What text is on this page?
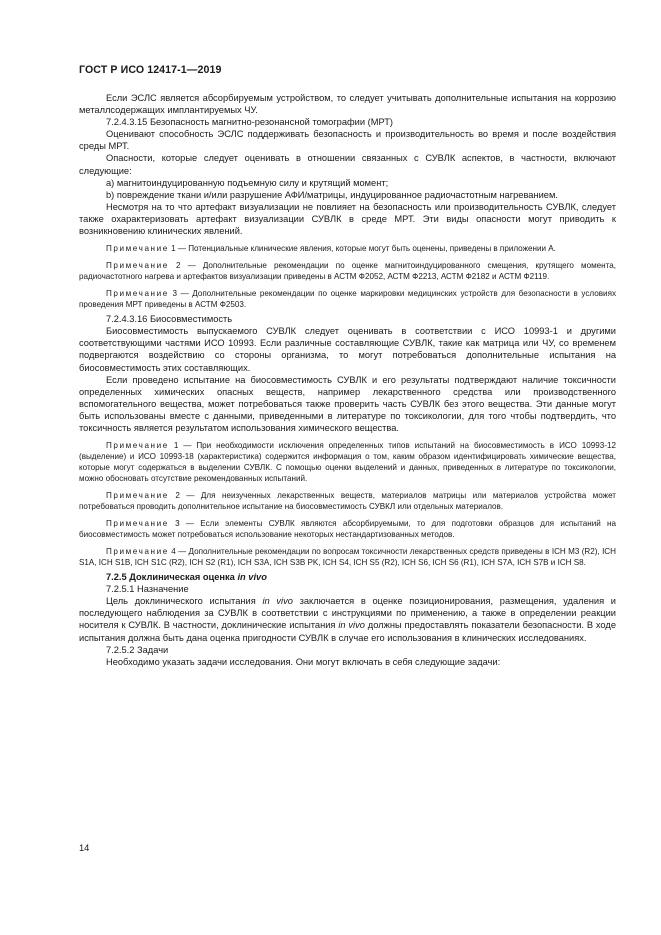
ГОСТ Р ИСО 12417-1—2019

Если ЭСЛС является абсорбируемым устройством, то следует учитывать дополнительные испытания на коррозию металлсодержащих имплантируемых ЧУ.

7.2.4.3.15 Безопасность магнитно-резонансной томографии (МРТ)

Оценивают способность ЭСЛС поддерживать безопасность и производительность во время и после воздействия среды МРТ.

Опасности, которые следует оценивать в отношении связанных с СУВЛК аспектов, в частности, включают следующие:

a) магнитоиндуцированную подъемную силу и крутящий момент;

b) повреждение ткани и/или разрушение АФИ/матрицы, индуцированное радиочастотным нагреванием.

Несмотря на то что артефакт визуализации не повлияет на безопасность или производительность СУВЛК, следует также охарактеризовать артефакт визуализации СУВЛК в среде МРТ. Эти виды опасности могут приводить к возникновению клинических явлений.

Примечание 1 — Потенциальные клинические явления, которые могут быть оценены, приведены в приложении А.

Примечание 2 — Дополнительные рекомендации по оценке магнитоиндуцированного смещения, крутящего момента, радиочастотного нагрева и артефактов визуализации приведены в АСТМ Ф2052, АСТМ Ф2213, АСТМ Ф2182 и АСТМ Ф2119.

Примечание 3 — Дополнительные рекомендации по оценке маркировки медицинских устройств для безопасности в условиях проведения МРТ приведены в АСТМ Ф2503.

7.2.4.3.16 Биосовместимость

Биосовместимость выпускаемого СУВЛК следует оценивать в соответствии с ИСО 10993-1 и другими соответствующими частями ИСО 10993. Если различные составляющие СУВЛК, такие как матрица или ЧУ, со временем подвергаются воздействию со стороны организма, то могут потребоваться дополнительные испытания на биосовместимость этих составляющих.

Если проведено испытание на биосовместимость СУВЛК и его результаты подтверждают наличие токсичности определенных химических опасных веществ, например лекарственного средства или производственного вспомогательного вещества, может потребоваться также проверить часть СУВЛК без этого вещества. Эти данные могут быть использованы вместе с данными, приведенными в литературе по токсикологии, для того чтобы подтвердить, что токсичность является результатом использования химического вещества.

Примечание 1 — При необходимости исключения определенных типов испытаний на биосовместимость в ИСО 10993-12 (выделение) и ИСО 10993-18 (характеристика) содержится информация о том, каким образом идентифицировать химические вещества, которые могут содержаться в выделении СУВЛК. С помощью оценки выделений и данных, приведенных в литературе по токсикологии, можно обосновать отсутствие рекомендованных испытаний.

Примечание 2 — Для неизученных лекарственных веществ, материалов матрицы или материалов устройства может потребоваться проводить дополнительное испытание на биосовместимость СУВКЛ или отдельных материалов.

Примечание 3 — Если элементы СУВЛК являются абсорбируемыми, то для подготовки образцов для испытаний на биосовместимость может потребоваться использование некоторых нестандартизованных методов.

Примечание 4 — Дополнительные рекомендации по вопросам токсичности лекарственных средств приведены в ICH M3 (R2), ICH S1A, ICH S1B, ICH S1C (R2), ICH S2 (R1), ICH S3A, ICH S3B PK, ICH S4, ICH S5 (R2), ICH S6, ICH S6 (R1), ICH S7A, ICH S7B и ICH S8.

7.2.5 Доклиническая оценка in vivo

7.2.5.1 Назначение

Цель доклинического испытания in vivo заключается в оценке позиционирования, размещения, удаления и последующего наблюдения за СУВЛК в соответствии с инструкциями по применению, а также в определении реакции носителя к СУВЛК. В частности, доклинические испытания in vivo должны предоставлять показатели безопасности. В ходе испытания должна быть дана оценка пригодности СУВЛК в случае его использования в клинических исследованиях.

7.2.5.2 Задачи

Необходимо указать задачи исследования. Они могут включать в себя следующие задачи:

14
